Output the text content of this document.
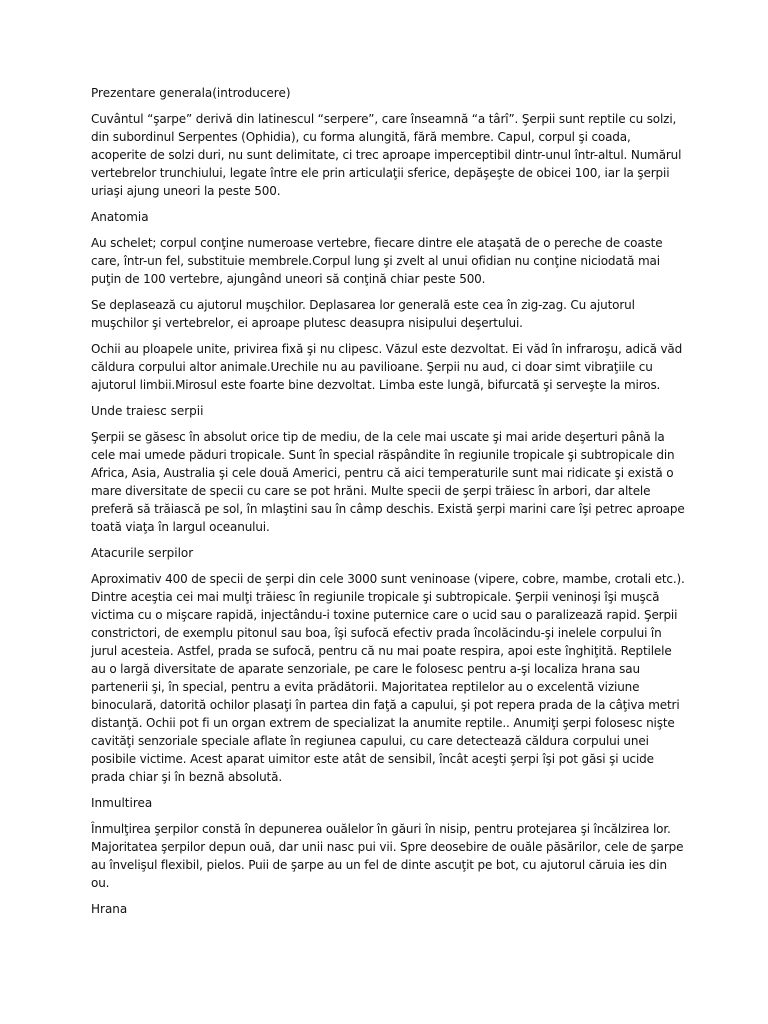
Prezentare generala(introducere)

Cuvântul “şarpe” derivă din latinescul “serpere”, care înseamnă “a târî”. Şerpii sunt reptile cu solzi, din subordinul Serpentes (Ophidia), cu forma alungită, fără membre. Capul, corpul şi coada, acoperite de solzi duri, nu sunt delimitate, ci trec aproape imperceptibil dintr-unul într-altul. Numărul vertebrelor trunchiului, legate între ele prin articulaţii sferice, depăşeşte de obicei 100, iar la şerpii uriaşi ajung uneori la peste 500.

Anatomia

Au schelet; corpul conţine numeroase vertebre, fiecare dintre ele ataşată de o pereche de coaste care, într-un fel, substituie membrele.Corpul lung şi zvelt al unui ofidian nu conţine niciodată mai puţin de 100 vertebre, ajungând uneori să conţină chiar peste 500.

Se deplasează cu ajutorul muşchilor. Deplasarea lor generală este cea în zig-zag. Cu ajutorul muşchilor şi vertebrelor, ei aproape plutesc deasupra nisipului deşertului.

Ochii au ploapele unite, privirea fixă şi nu clipesc. Văzul este dezvoltat. Ei văd în infraroşu, adică văd căldura corpului altor animale.Urechile nu au pavilioane. Şerpii nu aud, ci doar simt vibraţiile cu ajutorul limbii.Mirosul este foarte bine dezvoltat. Limba este lungă, bifurcată şi serveşte la miros.

Unde traiesc serpii

Şerpii se găsesc în absolut orice tip de mediu, de la cele mai uscate şi mai aride deşerturi până la cele mai umede păduri tropicale. Sunt în special răspândite în regiunile tropicale şi subtropicale din Africa, Asia, Australia şi cele două Americi, pentru că aici temperaturile sunt mai ridicate şi există o mare diversitate de specii cu care se pot hrăni. Multe specii de şerpi trăiesc în arbori, dar altele preferă să trăiască pe sol, în mlaştini sau în câmp deschis. Există şerpi marini care îşi petrec aproape toată viaţa în largul oceanului.

Atacurile serpilor

Aproximativ 400 de specii de şerpi din cele 3000 sunt veninoase (vipere, cobre, mambe, crotali etc.). Dintre aceştia cei mai mulţi trăiesc în regiunile tropicale şi subtropicale. Şerpii veninoşi îşi muşcă victima cu o mişcare rapidă, injectându-i toxine puternice care o ucid sau o paralizează rapid. Şerpii constrictori, de exemplu pitonul sau boa, îşi sufocă efectiv prada încolăcindu-şi inelele corpului în jurul acesteia. Astfel, prada se sufocă, pentru că nu mai poate respira, apoi este înghiţită. Reptilele au o largă diversitate de aparate senzoriale, pe care le folosesc pentru a-şi localiza hrana sau partenerii şi, în special, pentru a evita prădătorii. Majoritatea reptilelor au o excelentă viziune binoculară, datorită ochilor plasaţi în partea din faţă a capului, şi pot repera prada de la câţiva metri distanţă. Ochii pot fi un organ extrem de specializat la anumite reptile.. Anumiţi şerpi folosesc nişte cavităţi senzoriale speciale aflate în regiunea capului, cu care detectează căldura corpului unei posibile victime. Acest aparat uimitor este atât de sensibil, încât aceşti şerpi îşi pot găsi şi ucide prada chiar şi în beznă absolută.

Inmultirea

Înmulţirea şerpilor constă în depunerea ouălelor în găuri în nisip, pentru protejarea şi încălzirea lor. Majoritatea şerpilor depun ouă, dar unii nasc pui vii. Spre deosebire de ouăle păsărilor, cele de şarpe au învelişul flexibil, pielos. Puii de şarpe au un fel de dinte ascuţit pe bot, cu ajutorul căruia ies din ou.

Hrana
